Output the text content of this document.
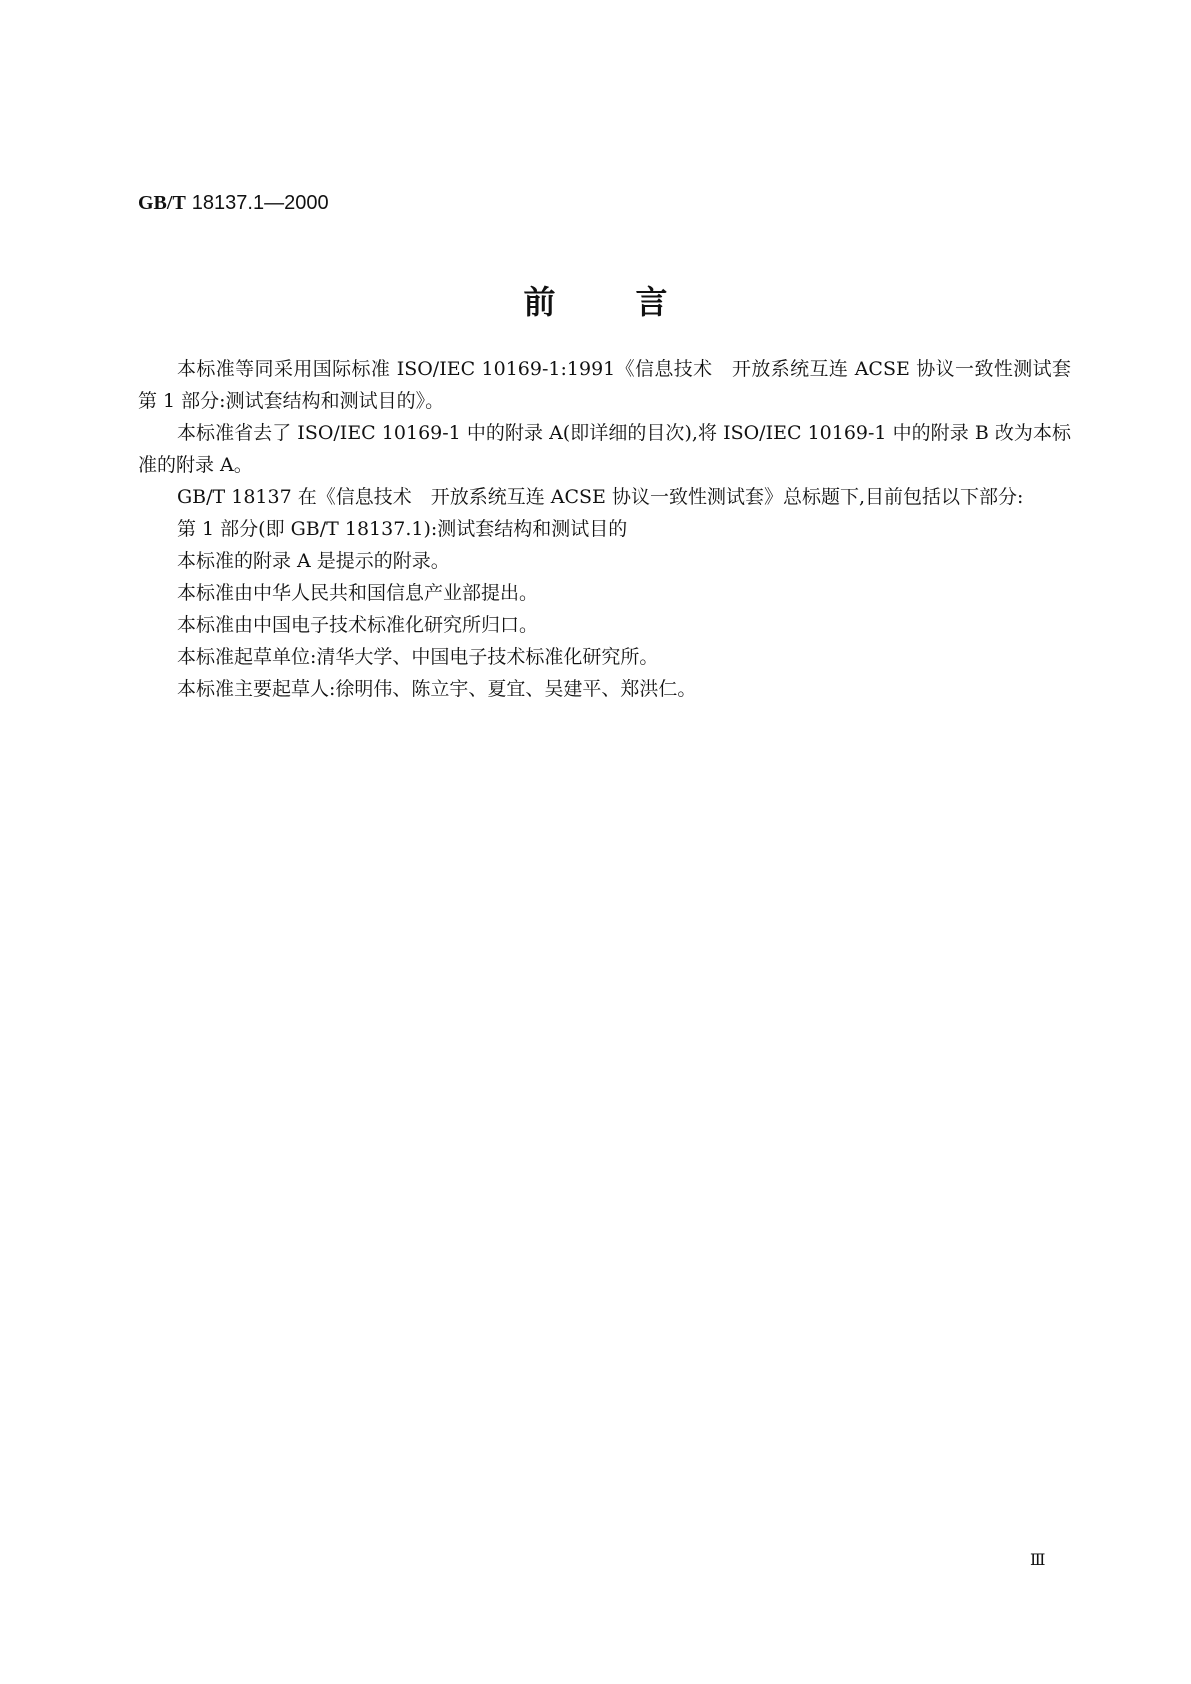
GB/T 18137.1—2000
前言

本标准等同采用国际标准 ISO/IEC 10169-1:1991《信息技术　开放系统互连 ACSE 协议一致性测试套　第 1 部分:测试套结构和测试目的》。

本标准省去了 ISO/IEC 10169-1 中的附录 A(即详细的目次),将 ISO/IEC 10169-1 中的附录 B 改为本标准的附录 A。

GB/T 18137 在《信息技术　开放系统互连 ACSE 协议一致性测试套》总标题下,目前包括以下部分:

第 1 部分(即 GB/T 18137.1):测试套结构和测试目的

本标准的附录 A 是提示的附录。

本标准由中华人民共和国信息产业部提出。

本标准由中国电子技术标准化研究所归口。

本标准起草单位:清华大学、中国电子技术标准化研究所。

本标准主要起草人:徐明伟、陈立宇、夏宜、吴建平、郑洪仁。

Ⅲ
